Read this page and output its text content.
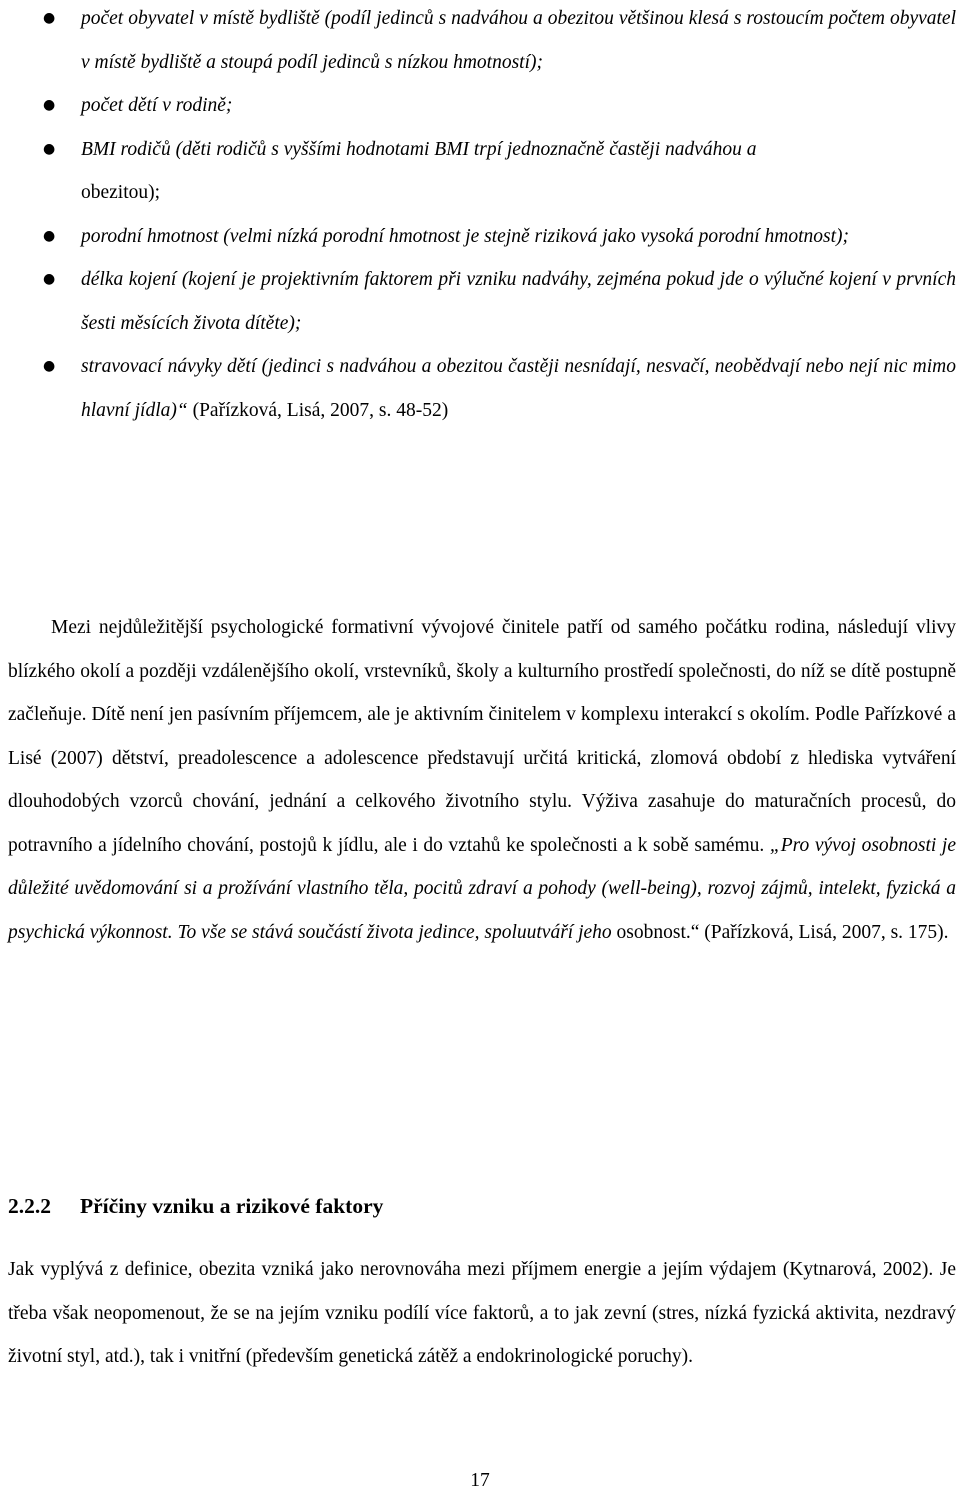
● počet obyvatel v místě bydliště (podíl jedinců s nadváhou a obezitou většinou klesá s rostoucím počtem obyvatel v místě bydliště a stoupá podíl jedinců s nízkou hmotností);
● počet dětí v rodině;
● BMI rodičů (děti rodičů s vyššími hodnotami BMI trpí jednoznačně častěji nadváhou a
obezitou);
● porodní hmotnost (velmi nízká porodní hmotnost je stejně riziková jako vysoká porodní hmotnost);
● délka kojení (kojení je projektivním faktorem při vzniku nadváhy, zejména pokud jde o výlučné kojení v prvních šesti měsících života dítěte);
● stravovací návyky dětí (jedinci s nadváhou a obezitou častěji nesnídají, nesvačí, neobědvají nebo nejí nic mimo hlavní jídla)“ (Pařízková, Lisá, 2007, s. 48-52)

Mezi nejdůležitější psychologické formativní vývojové činitele patří od samého počátku rodina, následují vlivy blízkého okolí a později vzdálenějšího okolí, vrstevníků, školy a kulturního prostředí společnosti, do níž se dítě postupně začleňuje. Dítě není jen pasívním příjemcem, ale je aktivním činitelem v komplexu interakcí s okolím. Podle Pařízkové a Lisé (2007) dětství, preadolescence a adolescence představují určitá kritická, zlomová období z hlediska vytváření dlouhodobých vzorců chování, jednání a celkového životního stylu. Výživa zasahuje do maturačních procesů, do potravního a jídelního chování, postojů k jídlu, ale i do vztahů ke společnosti a k sobě samému. „Pro vývoj osobnosti je důležité uvědomování si a prožívání vlastního těla, pocitů zdraví a pohody (well-being), rozvoj zájmů, intelekt, fyzická a psychická výkonnost. To vše se stává součástí života jedince, spoluutváří jeho osobnost.“ (Pařízková, Lisá, 2007, s. 175).

2.2.2 Příčiny vzniku a rizikové faktory

Jak vyplývá z definice, obezita vzniká jako nerovnováha mezi příjmem energie a jejím výdajem (Kytnarová, 2002). Je třeba však neopomenout, že se na jejím vzniku podílí více faktorů, a to jak zevní (stres, nízká fyzická aktivita, nezdravý životní styl, atd.), tak i vnitřní (především genetická zátěž a endokrinologické poruchy).

17
